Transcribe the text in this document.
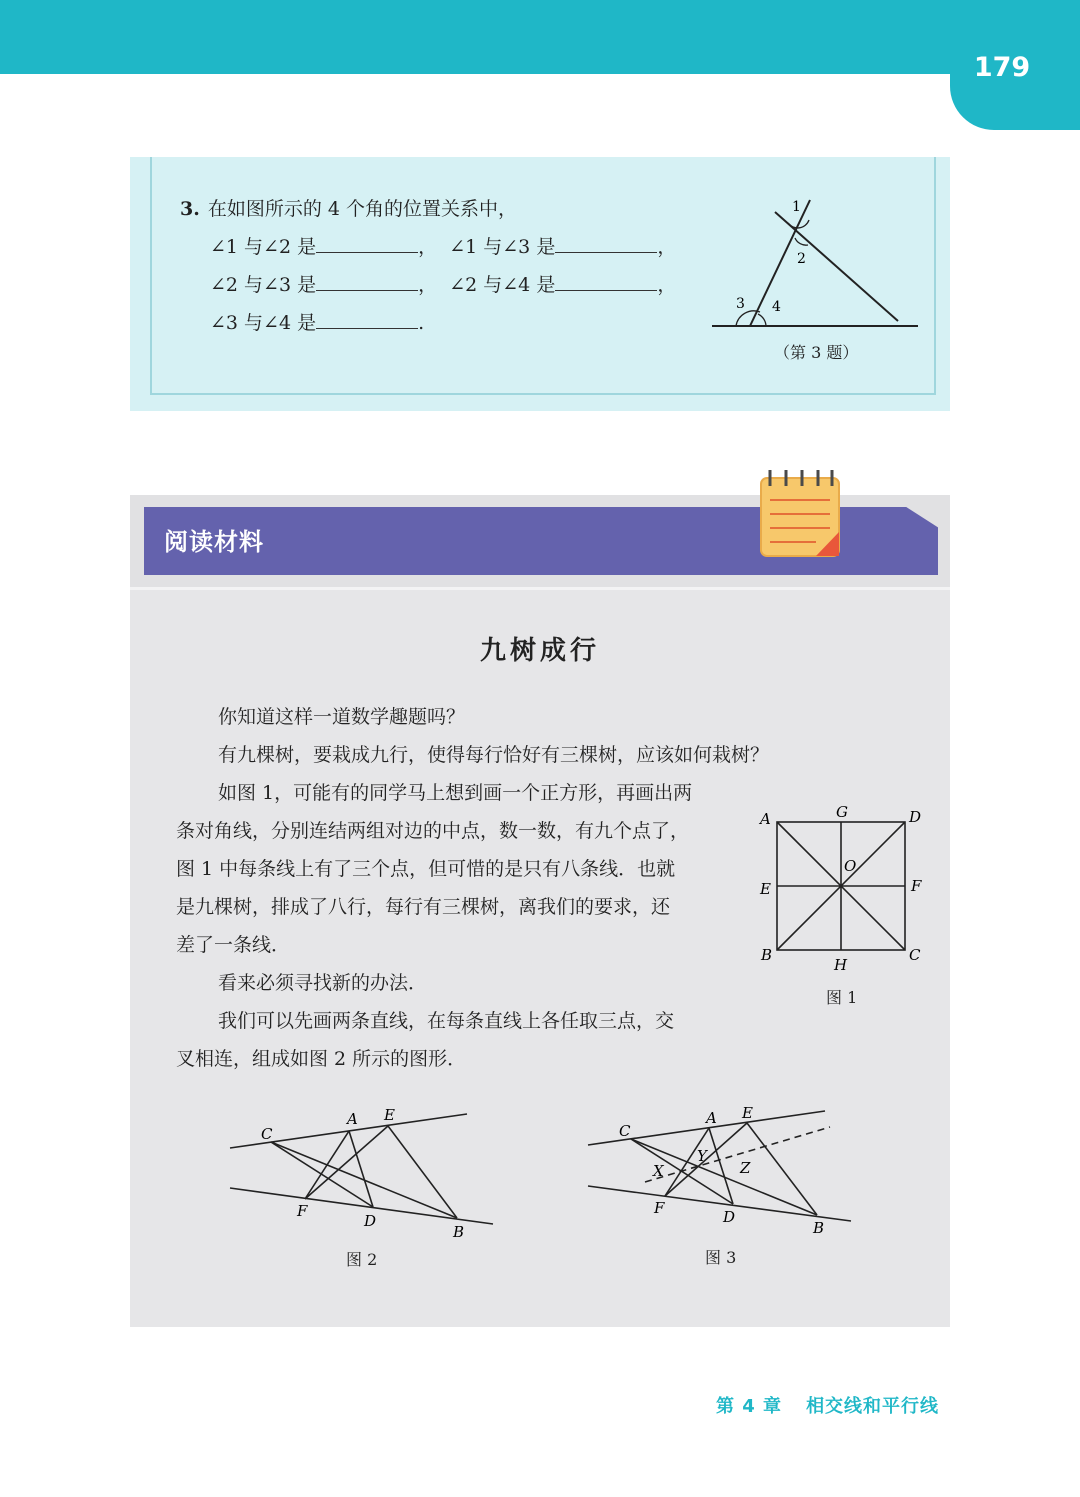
179
3. 在如图所示的 4 个角的位置关系中，
∠1 与∠2 是	， ∠1 与∠3 是	，
∠2 与∠3 是	， ∠2 与∠4 是	，
∠3 与∠4 是	.
1
2
3 4
（第 3 题）
阅读材料
九树成行
你知道这样一道数学趣题吗？
有九棵树，要栽成九行，使得每行恰好有三棵树，应该如何栽树？
如图 1，可能有的同学马上想到画一个正方形，再画出两
条对角线，分别连结两组对边的中点，数一数，有九个点了，
图 1 中每条线上有了三个点，但可惜的是只有八条线．也就
是九棵树，排成了八行，每行有三棵树，离我们的要求，还
差了一条线．
看来必须寻找新的办法．
我们可以先画两条直线，在每条直线上各任取三点，交
叉相连，组成如图 2 所示的图形．
A	G	D
O
E	F
B
H
C
图 1
C
A E
F
D
B
图 2
C
A E
X
Y
Z
F	D
B
图 3
第 4 章 相交线和平行线
